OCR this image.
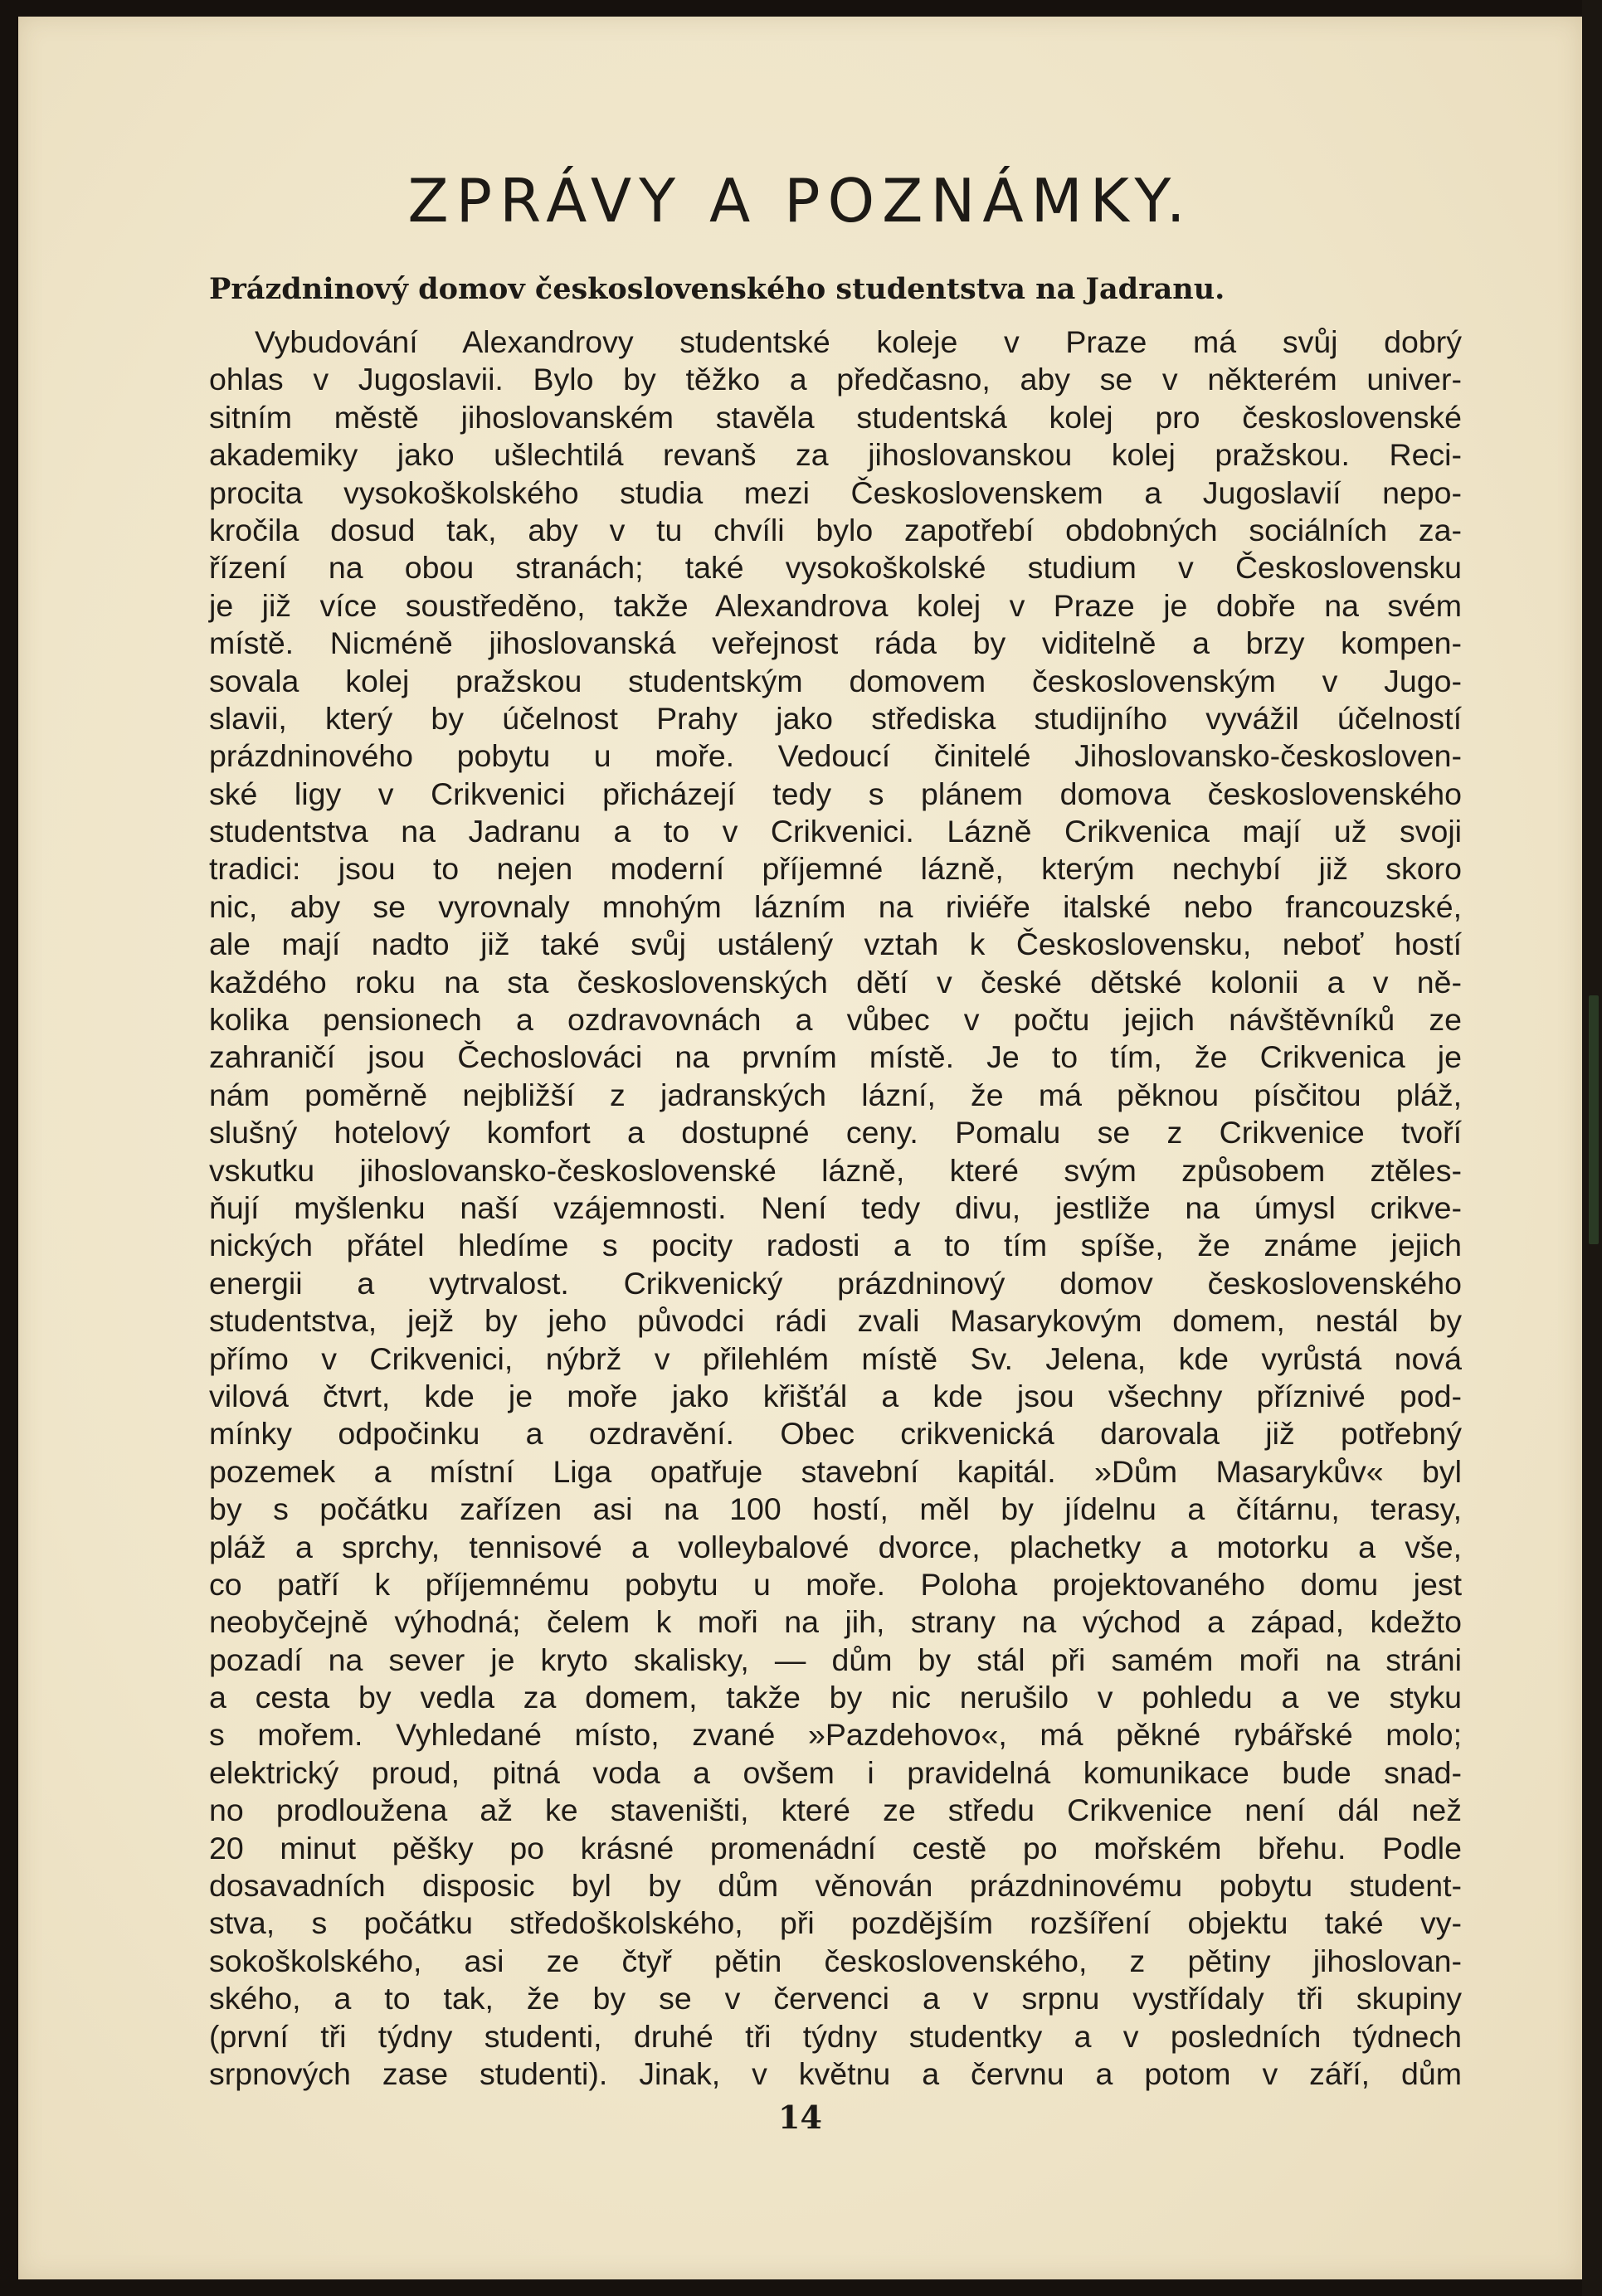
ZPRÁVY A POZNÁMKY.
Prázdninový domov československého studentstva na Jadranu.
Vybudování Alexandrovy studentské koleje v Praze má svůj dobrý
ohlas v Jugoslavii. Bylo by těžko a předčasno, aby se v některém univer-
sitním městě jihoslovanském stavěla studentská kolej pro československé
akademiky jako ušlechtilá revanš za jihoslovanskou kolej pražskou. Reci-
procita vysokoškolského studia mezi Československem a Jugoslavií nepo-
kročila dosud tak, aby v tu chvíli bylo zapotřebí obdobných sociálních za-
řízení na obou stranách; také vysokoškolské studium v Československu
je již více soustředěno, takže Alexandrova kolej v Praze je dobře na svém
místě. Nicméně jihoslovanská veřejnost ráda by viditelně a brzy kompen-
sovala kolej pražskou studentským domovem československým v Jugo-
slavii, který by účelnost Prahy jako střediska studijního vyvážil účelností
prázdninového pobytu u moře. Vedoucí činitelé Jihoslovansko-českosloven-
ské ligy v Crikvenici přicházejí tedy s plánem domova československého
studentstva na Jadranu a to v Crikvenici. Lázně Crikvenica mají už svoji
tradici: jsou to nejen moderní příjemné lázně, kterým nechybí již skoro
nic, aby se vyrovnaly mnohým lázním na riviéře italské nebo francouzské,
ale mají nadto již také svůj ustálený vztah k Československu, neboť hostí
každého roku na sta československých dětí v české dětské kolonii a v ně-
kolika pensionech a ozdravovnách a vůbec v počtu jejich návštěvníků ze
zahraničí jsou Čechoslováci na prvním místě. Je to tím, že Crikvenica je
nám poměrně nejbližší z jadranských lázní, že má pěknou písčitou pláž,
slušný hotelový komfort a dostupné ceny. Pomalu se z Crikvenice tvoří
vskutku jihoslovansko-československé lázně, které svým způsobem ztěles-
ňují myšlenku naší vzájemnosti. Není tedy divu, jestliže na úmysl crikve-
nických přátel hledíme s pocity radosti a to tím spíše, že známe jejich
energii a vytrvalost. Crikvenický prázdninový domov československého
studentstva, jejž by jeho původci rádi zvali Masarykovým domem, nestál by
přímo v Crikvenici, nýbrž v přilehlém místě Sv. Jelena, kde vyrůstá nová
vilová čtvrt, kde je moře jako křišťál a kde jsou všechny příznivé pod-
mínky odpočinku a ozdravění. Obec crikvenická darovala již potřebný
pozemek a místní Liga opatřuje stavební kapitál. »Dům Masarykův« byl
by s počátku zařízen asi na 100 hostí, měl by jídelnu a čítárnu, terasy,
pláž a sprchy, tennisové a volleybalové dvorce, plachetky a motorku a vše,
co patří k příjemnému pobytu u moře. Poloha projektovaného domu jest
neobyčejně výhodná; čelem k moři na jih, strany na východ a západ, kdežto
pozadí na sever je kryto skalisky, — dům by stál při samém moři na stráni
a cesta by vedla za domem, takže by nic nerušilo v pohledu a ve styku
s mořem. Vyhledané místo, zvané »Pazdehovo«, má pěkné rybářské molo;
elektrický proud, pitná voda a ovšem i pravidelná komunikace bude snad-
no prodloužena až ke staveništi, které ze středu Crikvenice není dál než
20 minut pěšky po krásné promenádní cestě po mořském břehu. Podle
dosavadních disposic byl by dům věnován prázdninovému pobytu student-
stva, s počátku středoškolského, při pozdějším rozšíření objektu také vy-
sokoškolského, asi ze čtyř pětin československého, z pětiny jihoslovan-
ského, a to tak, že by se v červenci a v srpnu vystřídaly tři skupiny
(první tři týdny studenti, druhé tři týdny studentky a v posledních týdnech
srpnových zase studenti). Jinak, v květnu a červnu a potom v září, dům
14
